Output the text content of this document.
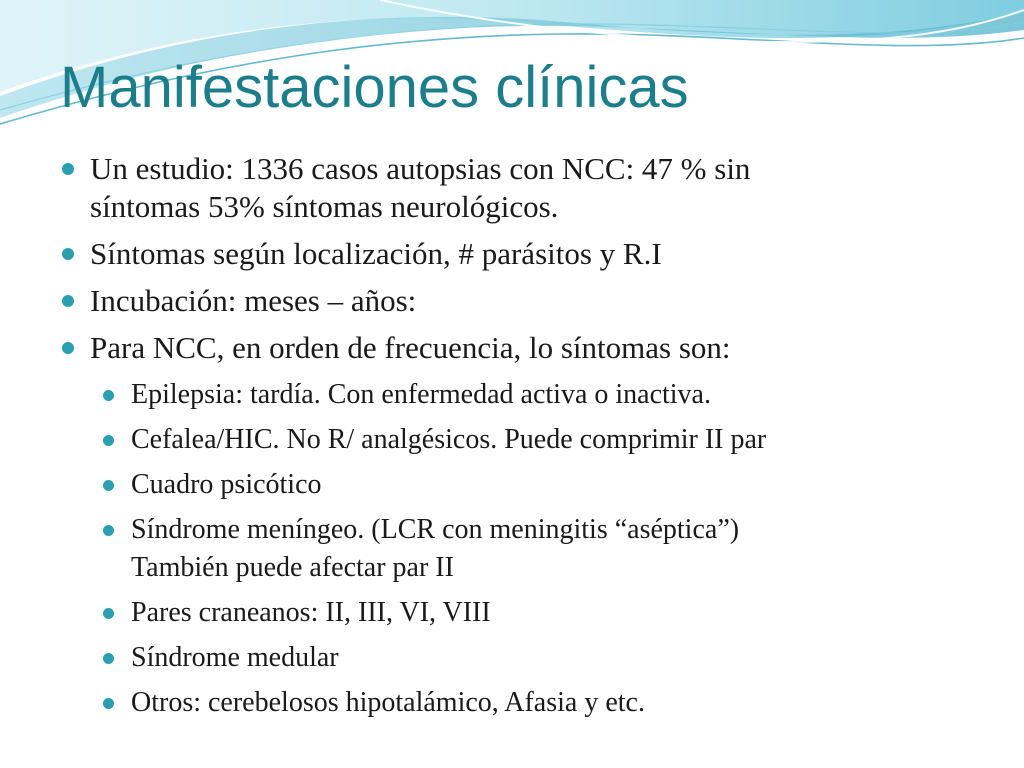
Manifestaciones clínicas
Un estudio: 1336 casos autopsias con NCC: 47 % sin
síntomas 53% síntomas neurológicos.
Síntomas según localización, # parásitos y R.I
Incubación: meses – años:
Para NCC, en orden de frecuencia, lo síntomas son:
Epilepsia: tardía. Con enfermedad activa o inactiva.
Cefalea/HIC. No R/ analgésicos. Puede comprimir II par
Cuadro psicótico
Síndrome meníngeo. (LCR con meningitis “aséptica”)
También puede afectar par II
Pares craneanos: II, III, VI, VIII
Síndrome medular
Otros: cerebelosos hipotalámico, Afasia y etc.
